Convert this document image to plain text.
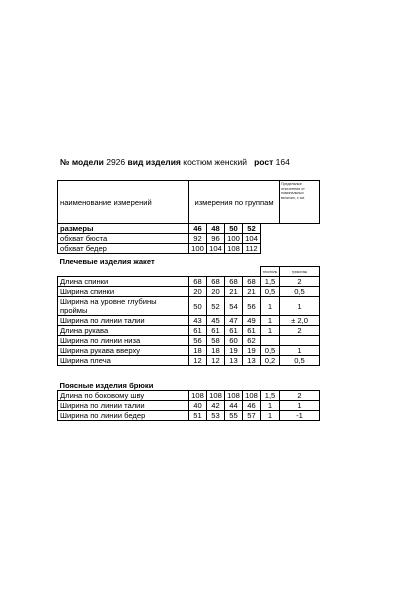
№ модели 2926 вид изделия костюм женский рост 164
наименование измерений	измерения по группам					Предельные отклонения от номинальных величин, ± см.
размеры	46	48	50	52		
обхват бюста	92	96	100	104		
обхват бедер	100	104	108	112		
Плечевые изделия жакет						
					текстиль	трикотаж
Длина спинки	68	68	68	68	1,5	2
Ширина спинки	20	20	21	21	0,5	0,5
Ширина на уровне глубины проймы	50	52	54	56	1	1
Ширина по линии талии	43	45	47	49	1	± 2,0
Длина рукава	61	61	61	61	1	2
Ширина по линии низа	56	58	60	62		
Ширина рукава вверху	18	18	19	19	0,5	1
Ширина плеча	12	12	13	13	0,2	0,5

Поясные изделия брюки						
Длина по боковому шву	108	108	108	108	1,5	2
Ширина по линии талии	40	42	44	46	1	1
Ширина по линии бедер	51	53	55	57	1	-1
